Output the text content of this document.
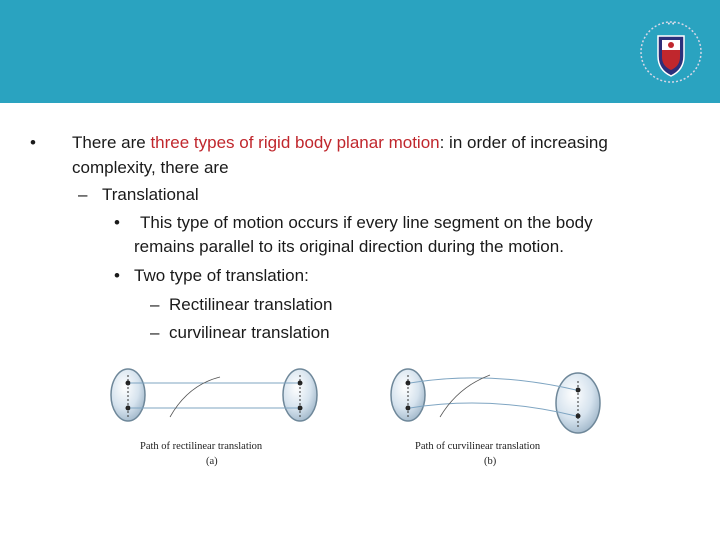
• •
• There are three types of rigid body planar motion: in order of increasing
complexity, there are
– Translational
• This type of motion occurs if every line segment on the body
remains parallel to its original direction during the motion.
• Two type of translation:
– Rectilinear translation
– curvilinear translation
Path of rectilinear translation
(a)
Path of curvilinear translation
(b)
